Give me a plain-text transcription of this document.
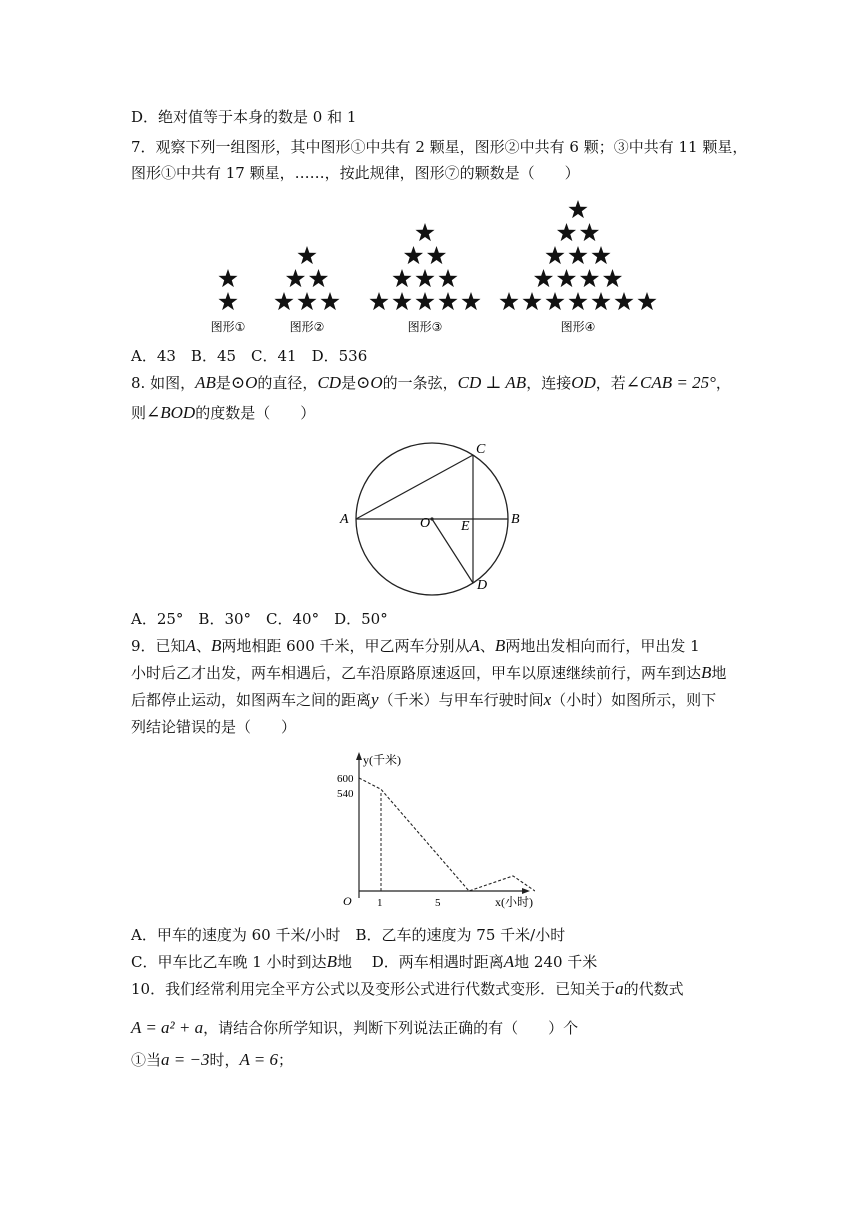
D．绝对值等于本身的数是 0 和 1
7．观察下列一组图形，其中图形①中共有 2 颗星，图形②中共有 6 颗；③中共有 11 颗星，
图形①中共有 17 颗星，……，按此规律，图形⑦的颗数是（　　）
图形①	图形②	图形③	图形④
A．43　B．45　C．41　D．536
8. 如图，AB是⊙O的直径，CD是⊙O的一条弦，CD ⊥ AB，连接OD，若∠CAB = 25°，
则∠BOD的度数是（　　）
A	B
C
D
O E
A．25°　B．30°　C．40°　D．50°
9．已知A、B两地相距 600 千米，甲乙两车分别从A、B两地出发相向而行，甲出发 1
小时后乙才出发，两车相遇后，乙车沿原路原速返回，甲车以原速继续前行，两车到达B地
后都停止运动，如图两车之间的距离y（千米）与甲车行驶时间x（小时）如图所示，则下
列结论错误的是（　　）
y(千米)
x(小时)
O
600
540
1	5
A．甲车的速度为 60 千米/小时　B．乙车的速度为 75 千米/小时
C．甲车比乙车晚 1 小时到达B地　 D．两车相遇时距离A地 240 千米
10．我们经常利用完全平方公式以及变形公式进行代数式变形．已知关于a的代数式
A = a² + a，请结合你所学知识，判断下列说法正确的有（　　）个
①当a = −3时，A = 6；
